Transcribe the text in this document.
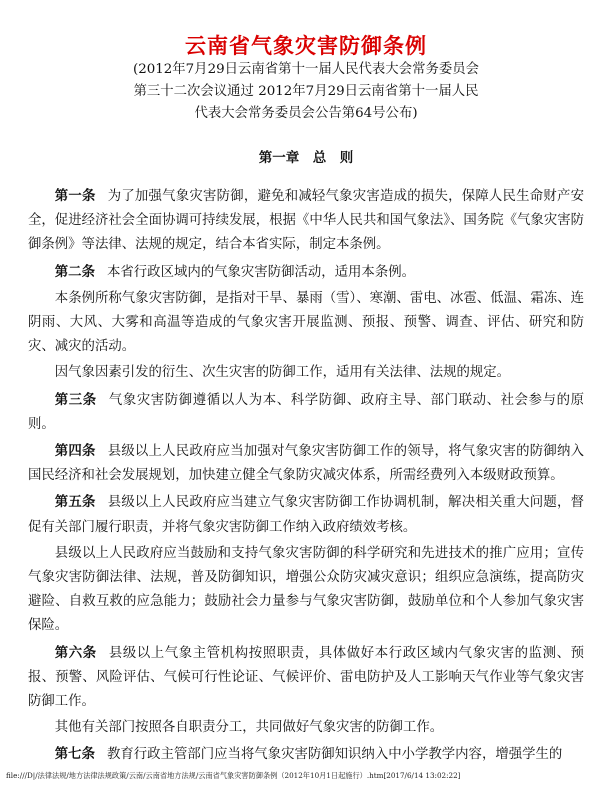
云南省气象灾害防御条例
(2012年7月29日云南省第十一届人民代表大会常务委员会
第三十二次会议通过 2012年7月29日云南省第十一届人民
代表大会常务委员会公告第64号公布)
第一章　总　则

第一条 为了加强气象灾害防御，避免和减轻气象灾害造成的损失，保障人民生命财产安全，促进经济社会全面协调可持续发展，根据《中华人民共和国气象法》、国务院《气象灾害防御条例》等法律、法规的规定，结合本省实际，制定本条例。

第二条 本省行政区域内的气象灾害防御活动，适用本条例。

本条例所称气象灾害防御，是指对干旱、暴雨（雪）、寒潮、雷电、冰雹、低温、霜冻、连阴雨、大风、大雾和高温等造成的气象灾害开展监测、预报、预警、调查、评估、研究和防灾、减灾的活动。

因气象因素引发的衍生、次生灾害的防御工作，适用有关法律、法规的规定。

第三条 气象灾害防御遵循以人为本、科学防御、政府主导、部门联动、社会参与的原则。

第四条 县级以上人民政府应当加强对气象灾害防御工作的领导，将气象灾害的防御纳入国民经济和社会发展规划，加快建立健全气象防灾减灾体系，所需经费列入本级财政预算。

第五条 县级以上人民政府应当建立气象灾害防御工作协调机制，解决相关重大问题，督促有关部门履行职责，并将气象灾害防御工作纳入政府绩效考核。

县级以上人民政府应当鼓励和支持气象灾害防御的科学研究和先进技术的推广应用；宣传气象灾害防御法律、法规，普及防御知识，增强公众防灾减灾意识；组织应急演练，提高防灾避险、自救互救的应急能力；鼓励社会力量参与气象灾害防御，鼓励单位和个人参加气象灾害保险。

第六条 县级以上气象主管机构按照职责，具体做好本行政区域内气象灾害的监测、预报、预警、风险评估、气候可行性论证、气候评价、雷电防护及人工影响天气作业等气象灾害防御工作。

其他有关部门按照各自职责分工，共同做好气象灾害的防御工作。

第七条 教育行政主管部门应当将气象灾害防御知识纳入中小学教学内容，增强学生的

file:///D|/法律法规/地方法律法规政策/云南/云南省地方法规/云南省气象灾害防御条例（2012年10月1日起施行）.htm[2017/6/14 13:02:22]
